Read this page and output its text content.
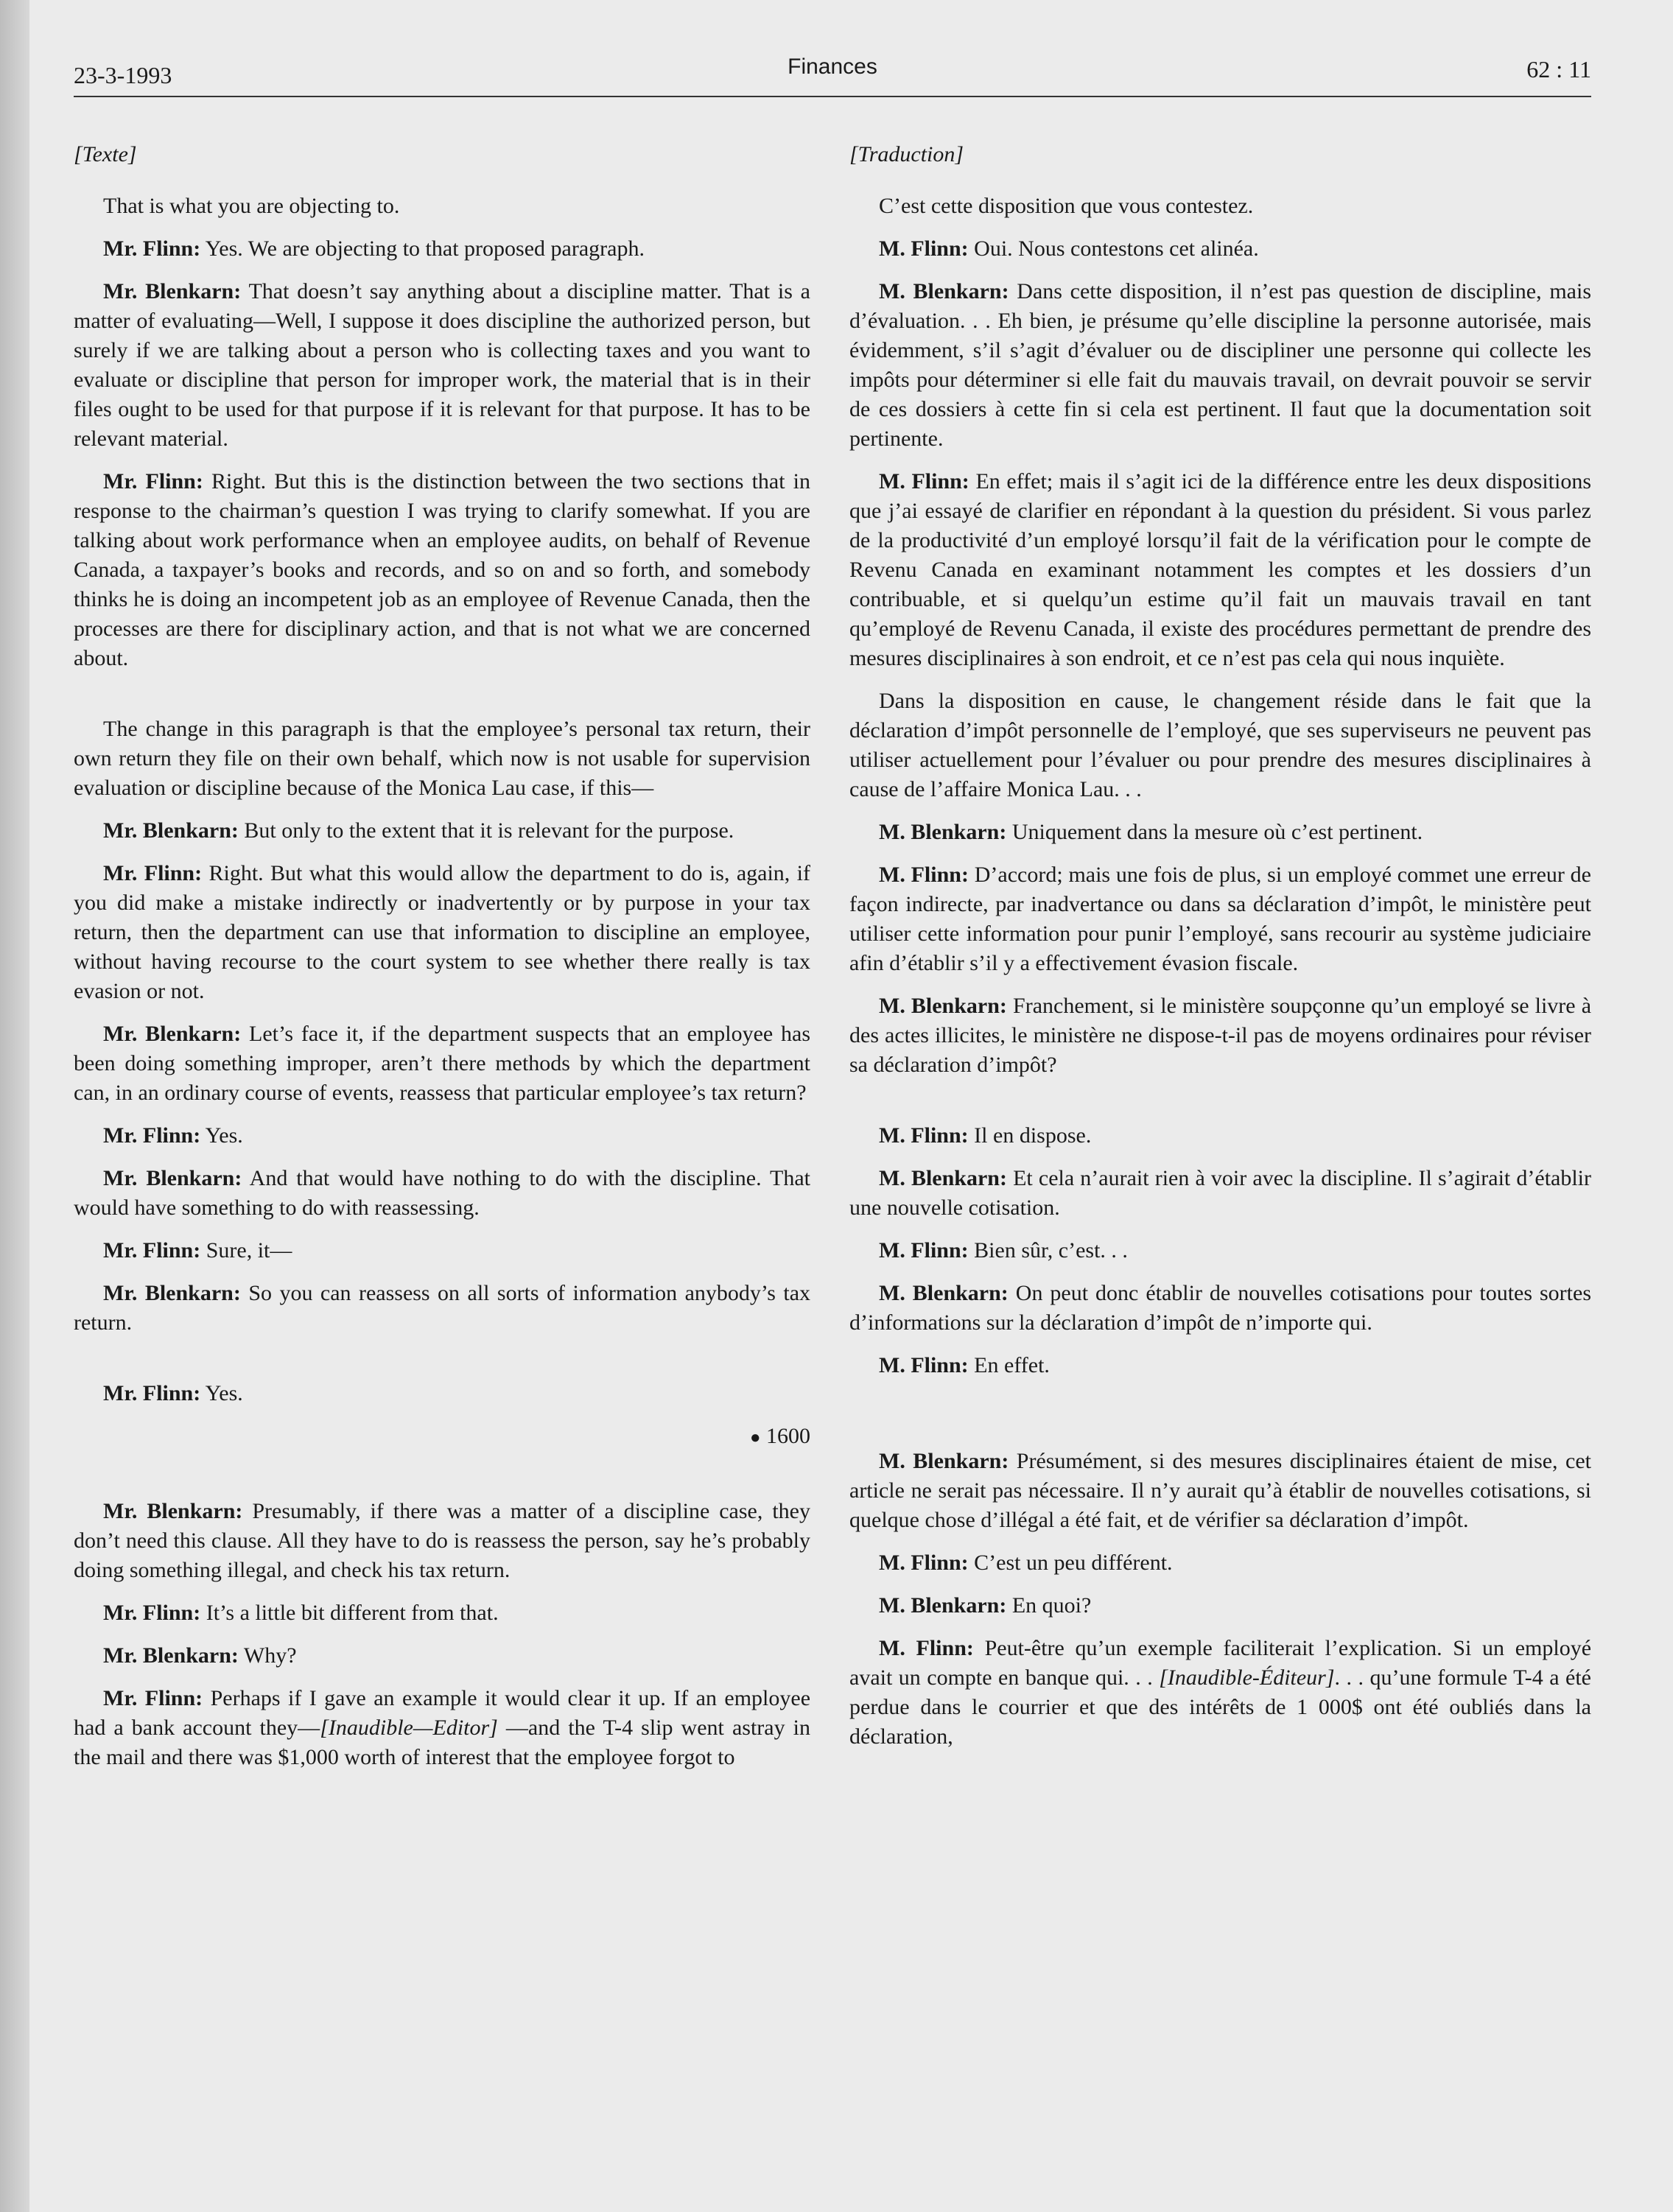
23-3-1993	Finances	62 : 11
[Texte]

That is what you are objecting to.

Mr. Flinn: Yes. We are objecting to that proposed paragraph.

Mr. Blenkarn: That doesn’t say anything about a discipline matter. That is a matter of evaluating—Well, I suppose it does discipline the authorized person, but surely if we are talking about a person who is collecting taxes and you want to evaluate or discipline that person for improper work, the material that is in their files ought to be used for that purpose if it is relevant for that purpose. It has to be relevant material.

Mr. Flinn: Right. But this is the distinction between the two sections that in response to the chairman’s question I was trying to clarify somewhat. If you are talking about work performance when an employee audits, on behalf of Revenue Canada, a taxpayer’s books and records, and so on and so forth, and somebody thinks he is doing an incompetent job as an employee of Revenue Canada, then the processes are there for disciplinary action, and that is not what we are concerned about.

The change in this paragraph is that the employee’s personal tax return, their own return they file on their own behalf, which now is not usable for supervision evaluation or discipline because of the Monica Lau case, if this—

Mr. Blenkarn: But only to the extent that it is relevant for the purpose.

Mr. Flinn: Right. But what this would allow the department to do is, again, if you did make a mistake indirectly or inadvertently or by purpose in your tax return, then the department can use that information to discipline an employee, without having recourse to the court system to see whether there really is tax evasion or not.

Mr. Blenkarn: Let’s face it, if the department suspects that an employee has been doing something improper, aren’t there methods by which the department can, in an ordinary course of events, reassess that particular employee’s tax return?

Mr. Flinn: Yes.

Mr. Blenkarn: And that would have nothing to do with the discipline. That would have something to do with reassessing.

Mr. Flinn: Sure, it—

Mr. Blenkarn: So you can reassess on all sorts of information anybody’s tax return.

Mr. Flinn: Yes.

● 1600

Mr. Blenkarn: Presumably, if there was a matter of a discipline case, they don’t need this clause. All they have to do is reassess the person, say he’s probably doing something illegal, and check his tax return.

Mr. Flinn: It’s a little bit different from that.

Mr. Blenkarn: Why?

Mr. Flinn: Perhaps if I gave an example it would clear it up. If an employee had a bank account they—[Inaudible—Editor] —and the T-4 slip went astray in the mail and there was $1,000 worth of interest that the employee forgot to

[Traduction]

C’est cette disposition que vous contestez.

M. Flinn: Oui. Nous contestons cet alinéa.

M. Blenkarn: Dans cette disposition, il n’est pas question de discipline, mais d’évaluation. . . Eh bien, je présume qu’elle discipline la personne autorisée, mais évidemment, s’il s’agit d’évaluer ou de discipliner une personne qui collecte les impôts pour déterminer si elle fait du mauvais travail, on devrait pouvoir se servir de ces dossiers à cette fin si cela est pertinent. Il faut que la documentation soit pertinente.

M. Flinn: En effet; mais il s’agit ici de la différence entre les deux dispositions que j’ai essayé de clarifier en répondant à la question du président. Si vous parlez de la productivité d’un employé lorsqu’il fait de la vérification pour le compte de Revenu Canada en examinant notamment les comptes et les dossiers d’un contribuable, et si quelqu’un estime qu’il fait un mauvais travail en tant qu’employé de Revenu Canada, il existe des procédures permettant de prendre des mesures disciplinaires à son endroit, et ce n’est pas cela qui nous inquiète.

Dans la disposition en cause, le changement réside dans le fait que la déclaration d’impôt personnelle de l’employé, que ses superviseurs ne peuvent pas utiliser actuellement pour l’évaluer ou pour prendre des mesures disciplinaires à cause de l’affaire Monica Lau. . .

M. Blenkarn: Uniquement dans la mesure où c’est pertinent.

M. Flinn: D’accord; mais une fois de plus, si un employé commet une erreur de façon indirecte, par inadvertance ou dans sa déclaration d’impôt, le ministère peut utiliser cette information pour punir l’employé, sans recourir au système judiciaire afin d’établir s’il y a effectivement évasion fiscale.

M. Blenkarn: Franchement, si le ministère soupçonne qu’un employé se livre à des actes illicites, le ministère ne dispose-t-il pas de moyens ordinaires pour réviser sa déclaration d’impôt?

M. Flinn: Il en dispose.

M. Blenkarn: Et cela n’aurait rien à voir avec la discipline. Il s’agirait d’établir une nouvelle cotisation.

M. Flinn: Bien sûr, c’est. . .

M. Blenkarn: On peut donc établir de nouvelles cotisations pour toutes sortes d’informations sur la déclaration d’impôt de n’importe qui.

M. Flinn: En effet.

M. Blenkarn: Présumément, si des mesures disciplinaires étaient de mise, cet article ne serait pas nécessaire. Il n’y aurait qu’à établir de nouvelles cotisations, si quelque chose d’illégal a été fait, et de vérifier sa déclaration d’impôt.

M. Flinn: C’est un peu différent.

M. Blenkarn: En quoi?

M. Flinn: Peut-être qu’un exemple faciliterait l’explication. Si un employé avait un compte en banque qui. . . [Inaudible-Éditeur]. . . qu’une formule T-4 a été perdue dans le courrier et que des intérêts de 1 000$ ont été oubliés dans la déclaration,
